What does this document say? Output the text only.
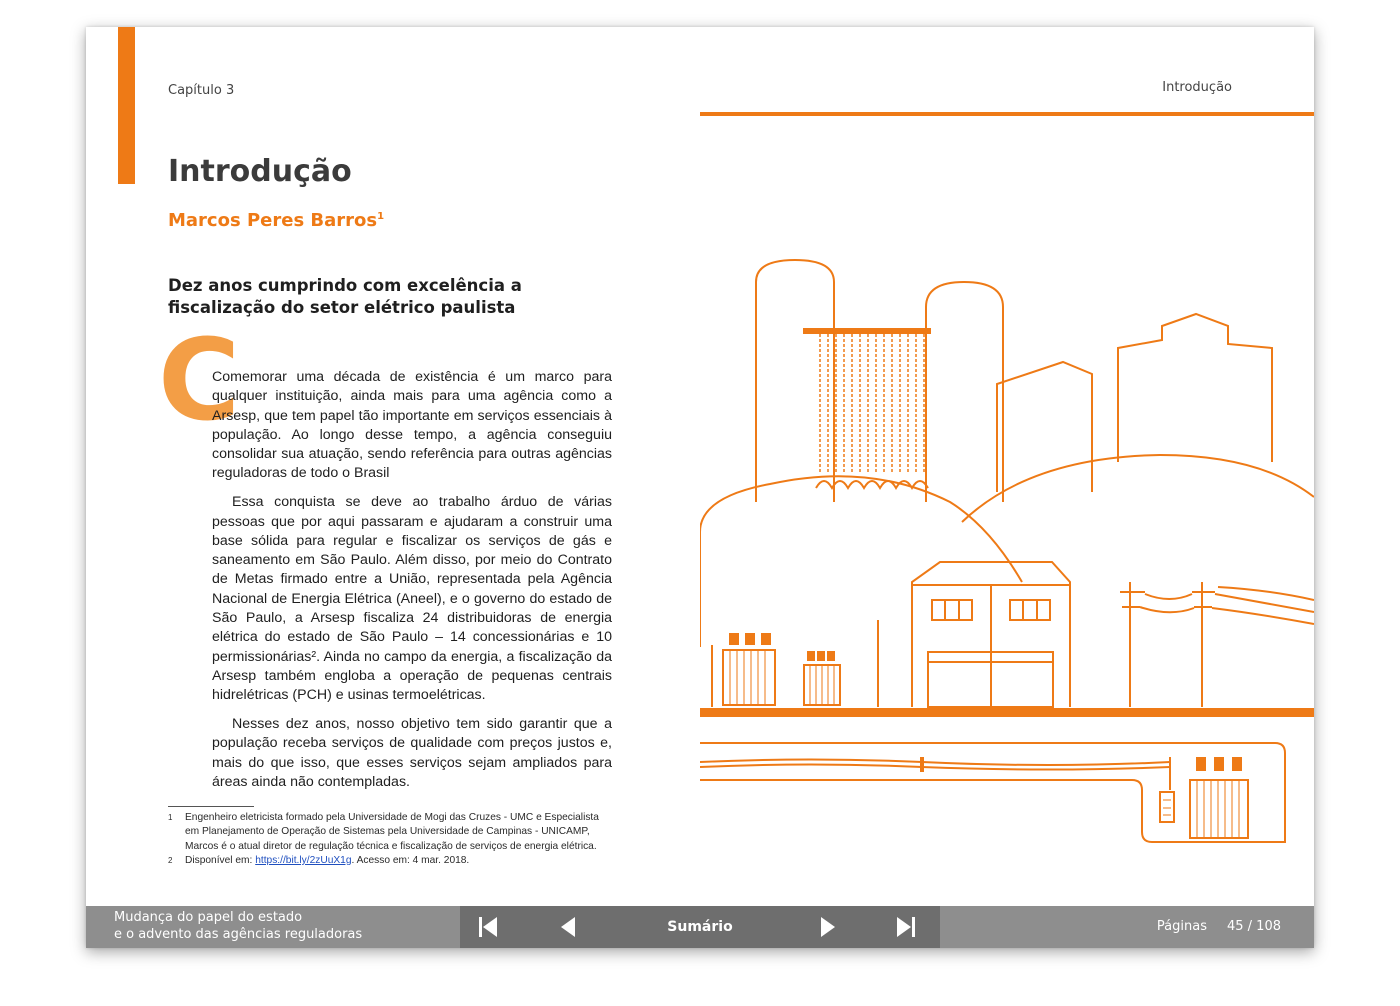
Capítulo 3	Introdução
Introdução
Marcos Peres Barros$^1$
Dez anos cumprindo com excelência a fiscalização do setor elétrico paulista
C

Comemorar uma década de existência é um marco para qualquer instituição, ainda mais para uma agência como a Arsesp, que tem papel tão importante em serviços essenciais à população. Ao longo desse tempo, a agência conseguiu consolidar sua atuação, sendo referência para outras agências reguladoras de todo o Brasil

Essa conquista se deve ao trabalho árduo de várias pessoas que por aqui passaram e ajudaram a construir uma base sólida para regular e fiscalizar os serviços de gás e saneamento em São Paulo. Além disso, por meio do Contrato de Metas firmado entre a União, representada pela Agência Nacional de Energia Elétrica (Aneel), e o governo do estado de São Paulo, a Arsesp fiscaliza 24 distribuidoras de energia elétrica do estado de São Paulo – 14 concessionárias e 10 permissionárias². Ainda no campo da energia, a fiscalização da Arsesp também engloba a operação de pequenas centrais hidrelétricas (PCH) e usinas termoelétricas.

Nesses dez anos, nosso objetivo tem sido garantir que a população receba serviços de qualidade com preços justos e, mais do que isso, que esses serviços sejam ampliados para áreas ainda não contempladas.

1 Engenheiro eletricista formado pela Universidade de Mogi das Cruzes - UMC e Especialista em Planejamento de Operação de Sistemas pela Universidade de Campinas - UNICAMP, Marcos é o atual diretor de regulação técnica e fiscalização de serviços de energia elétrica.
2 Disponível em: https://bit.ly/2zUuX1g. Acesso em: 4 mar. 2018.
Mudança do papel do estado
e o advento das agências reguladoras	Sumário	Páginas 45 / 108
